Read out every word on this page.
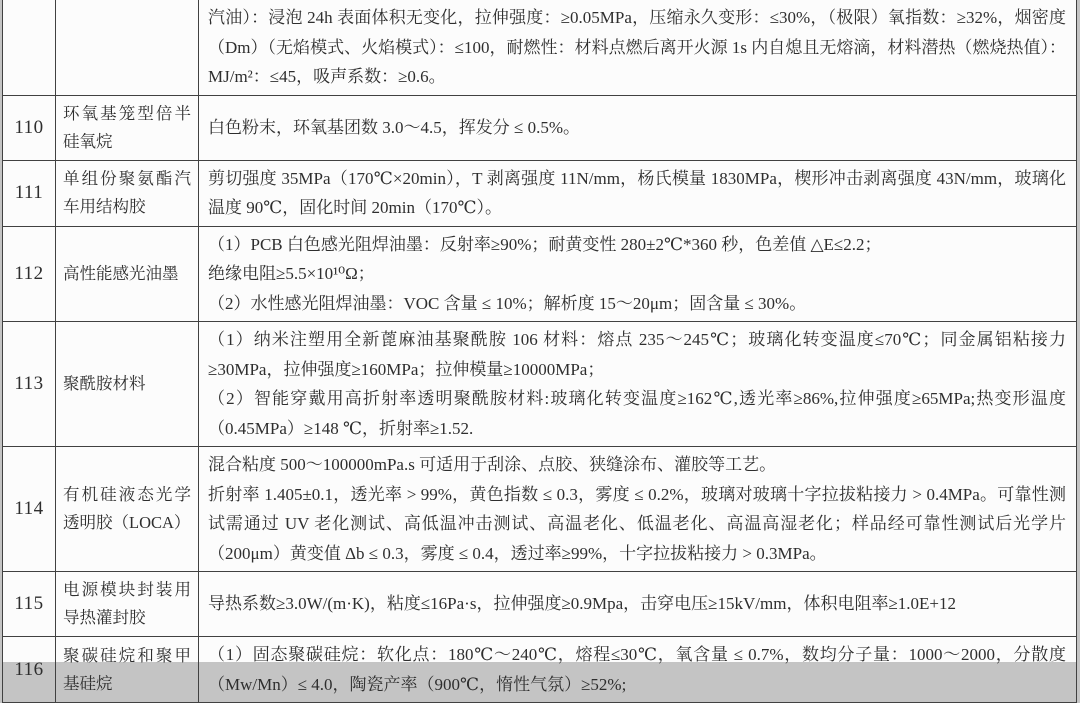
		汽油）：浸泡 24h 表面体积无变化，拉伸强度：≥0.05MPa，压缩永久变形：≤30%，（极限）氧指数：≥32%，烟密度（Dm）（无焰模式、火焰模式）：≤100，耐燃性：材料点燃后离开火源 1s 内自熄且无熔滴，材料潜热（燃烧热值）：MJ/m²：≤45，吸声系数：≥0.6。

110	环氧基笼型倍半硅氧烷	白色粉末，环氧基团数 3.0～4.5，挥发分 ≤ 0.5%。

111	单组份聚氨酯汽车用结构胶	剪切强度 35MPa（170℃×20min），T 剥离强度 11N/mm，杨氏模量 1830MPa，楔形冲击剥离强度 43N/mm，玻璃化温度 90℃，固化时间 20min（170℃）。

112	高性能感光油墨	（1）PCB 白色感光阻焊油墨：反射率≥90%；耐黄变性 280±2℃*360 秒，色差值 △E≤2.2；
绝缘电阻≥5.5×10¹⁰Ω；
（2）水性感光阻焊油墨：VOC 含量 ≤ 10%；解析度 15～20μm；固含量 ≤ 30%。

113	聚酰胺材料	（1）纳米注塑用全新蓖麻油基聚酰胺 106 材料：熔点 235～245℃；玻璃化转变温度≤70℃；同金属铝粘接力≥30MPa，拉伸强度≥160MPa；拉伸模量≥10000MPa；
（2）智能穿戴用高折射率透明聚酰胺材料:玻璃化转变温度≥162℃,透光率≥86%,拉伸强度≥65MPa;热变形温度（0.45MPa）≥148 ℃，折射率≥1.52.

114	有机硅液态光学透明胶（LOCA）	混合粘度 500～100000mPa.s 可适用于刮涂、点胶、狭缝涂布、灌胶等工艺。
折射率 1.405±0.1，透光率 > 99%，黄色指数 ≤ 0.3，雾度 ≤ 0.2%，玻璃对玻璃十字拉拔粘接力 > 0.4MPa。可靠性测试需通过 UV 老化测试、高低温冲击测试、高温老化、低温老化、高温高湿老化；样品经可靠性测试后光学片（200μm）黄变值 Δb ≤ 0.3，雾度 ≤ 0.4，透过率≥99%，十字拉拔粘接力 > 0.3MPa。

115	电源模块封装用导热灌封胶	导热系数≥3.0W/(m·K)，粘度≤16Pa·s，拉伸强度≥0.9Mpa，击穿电压≥15kV/mm，体积电阻率≥1.0E+12

116	聚碳硅烷和聚甲基硅烷	（1）固态聚碳硅烷：软化点：180℃～240℃，熔程≤30℃，氧含量 ≤ 0.7%，数均分子量：1000～2000，分散度（Mw/Mn）≤ 4.0，陶瓷产率（900℃，惰性气氛）≥52%;
